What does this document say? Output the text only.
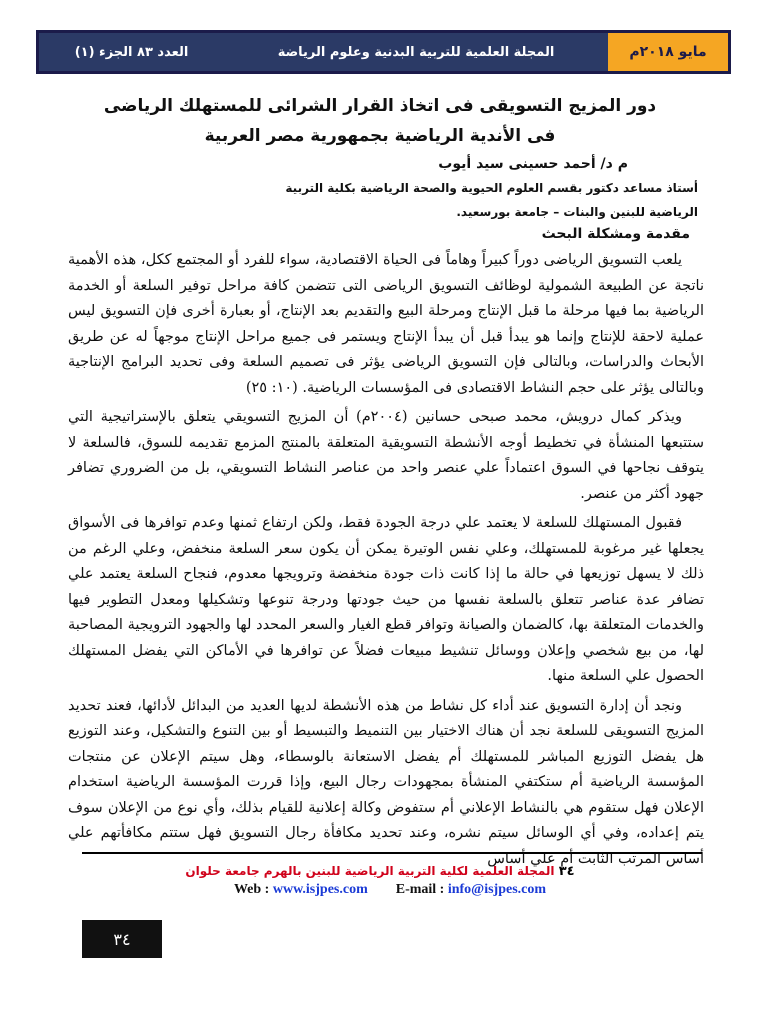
مايو ٢٠١٨م
المجلة العلمية للتربية البدنية وعلوم الرياضة
العدد ٨٣ الجزء (١)
دور المزيج التسويقى فى اتخاذ القرار الشرائى للمستهلك الرياضى
فى الأندية الرياضية بجمهورية مصر العربية
م د/ أحمد حسينى سيد أيوب
أستاذ مساعد دكتور بقسم العلوم الحيوية والصحة الرياضية بكلية التربية
الرياضية للبنين والبنات – جامعة بورسعيد.
مقدمة ومشكلة البحث

يلعب التسويق الرياضى دوراً كبيراً وهاماً فى الحياة الاقتصادية، سواء للفرد أو المجتمع ككل، هذه الأهمية ناتجة عن الطبيعة الشمولية لوظائف التسويق الرياضى التى تتضمن كافة مراحل توفير السلعة أو الخدمة الرياضية بما فيها مرحلة ما قبل الإنتاج ومرحلة البيع والتقديم بعد الإنتاج، أو بعبارة أخرى فإن التسويق ليس عملية لاحقة للإنتاج وإنما هو يبدأ قبل أن يبدأ الإنتاج ويستمر فى جميع مراحل الإنتاج موجهاً له عن طريق الأبحاث والدراسات، وبالتالى فإن التسويق الرياضى يؤثر فى تصميم السلعة وفى تحديد البرامج الإنتاجية وبالتالى يؤثر على حجم النشاط الاقتصادى فى المؤسسات الرياضية. (١٠: ٢٥)

ويذكر كمال درويش، محمد صبحى حسانين (٢٠٠٤م) أن المزيج التسويقي يتعلق بالإستراتيجية التي ستتبعها المنشأة في تخطيط أوجه الأنشطة التسويقية المتعلقة بالمنتج المزمع تقديمه للسوق، فالسلعة لا يتوقف نجاحها في السوق اعتماداً علي عنصر واحد من عناصر النشاط التسويقي، بل من الضروري تضافر جهود أكثر من عنصر.

فقبول المستهلك للسلعة لا يعتمد علي درجة الجودة فقط، ولكن ارتفاع ثمنها وعدم توافرها فى الأسواق يجعلها غير مرغوبة للمستهلك، وعلي نفس الوتيرة يمكن أن يكون سعر السلعة منخفض، وعلي الرغم من ذلك لا يسهل توزيعها في حالة ما إذا كانت ذات جودة منخفضة وترويجها معدوم، فنجاح السلعة يعتمد علي تضافر عدة عناصر تتعلق بالسلعة نفسها من حيث جودتها ودرجة تنوعها وتشكيلها ومعدل التطوير فيها والخدمات المتعلقة بها، كالضمان والصيانة وتوافر قطع الغيار والسعر المحدد لها والجهود الترويجية المصاحبة لها، من بيع شخصي وإعلان ووسائل تنشيط مبيعات فضلاً عن توافرها في الأماكن التي يفضل المستهلك الحصول علي السلعة منها.

ونجد أن إدارة التسويق عند أداء كل نشاط من هذه الأنشطة لديها العديد من البدائل لأدائها، فعند تحديد المزيج التسويقى للسلعة نجد أن هناك الاختيار بين التنميط والتبسيط أو بين التنوع والتشكيل، وعند التوزيع هل يفضل التوزيع المباشر للمستهلك أم يفضل الاستعانة بالوسطاء، وهل سيتم الإعلان عن منتجات المؤسسة الرياضية أم ستكتفي المنشأة بمجهودات رجال البيع، وإذا قررت المؤسسة الرياضية استخدام الإعلان فهل ستقوم هي بالنشاط الإعلاني أم ستفوض وكالة إعلانية للقيام بذلك، وأي نوع من الإعلان سوف يتم إعداده، وفي أي الوسائل سيتم نشره، وعند تحديد مكافأة رجال التسويق فهل ستتم مكافأتهم علي أساس المرتب الثابت أم علي أساس

٣٤ المجلة العلمية لكلية التربية الرياضية للبنين بالهرم جامعة حلوان
Web : www.isjpes.com E-mail : info@isjpes.com
٣٤
